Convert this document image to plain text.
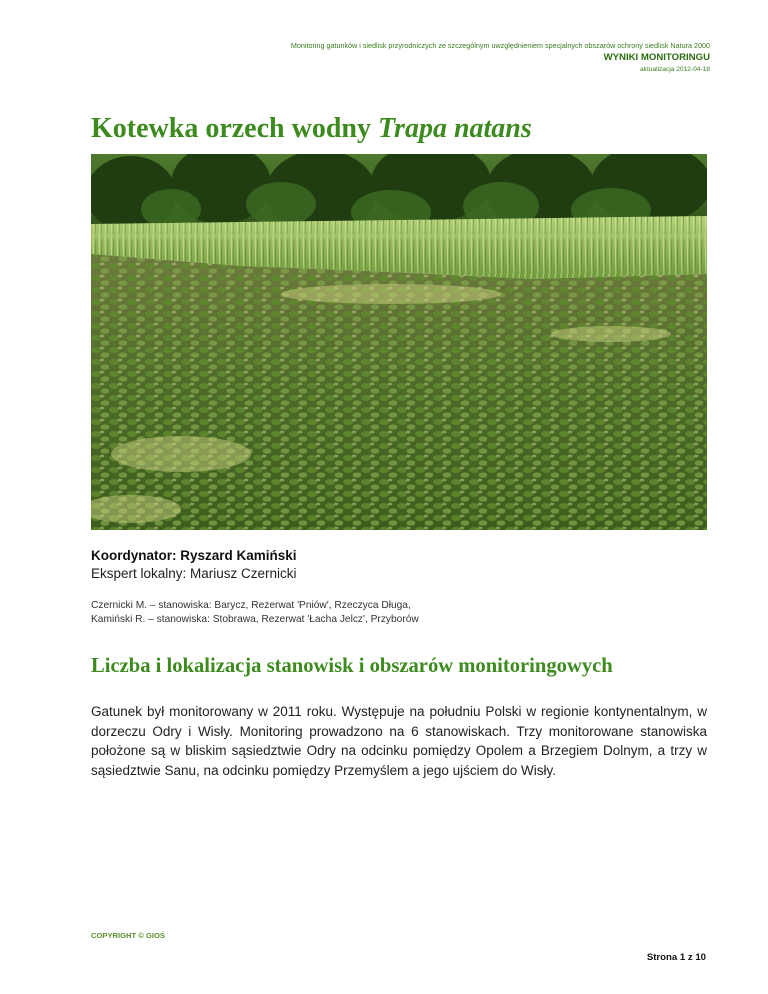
Monitoring gatunków i siedlisk przyrodniczych ze szczególnym uwzględnieniem specjalnych obszarów ochrony siedlisk Natura 2000
WYNIKI MONITORINGU
aktualizacja 2012-04-18
Kotewka orzech wodny Trapa natans
Koordynator: Ryszard Kamiński
Ekspert lokalny: Mariusz Czernicki
Czernicki M. – stanowiska: Barycz, Rezerwat 'Pniów', Rzeczyca Długa,
Kamiński R. – stanowiska: Stobrawa, Rezerwat 'Łacha Jelcz', Przyborów
Liczba i lokalizacja stanowisk i obszarów monitoringowych

Gatunek był monitorowany w 2011 roku. Występuje na południu Polski w regionie kontynentalnym, w dorzeczu Odry i Wisły. Monitoring prowadzono na 6 stanowiskach. Trzy monitorowane stanowiska położone są w bliskim sąsiedztwie Odry na odcinku pomiędzy Opolem a Brzegiem Dolnym, a trzy w sąsiedztwie Sanu, na odcinku pomiędzy Przemyślem a jego ujściem do Wisły.

COPYRIGHT © GIOŚ
Strona 1 z 10
